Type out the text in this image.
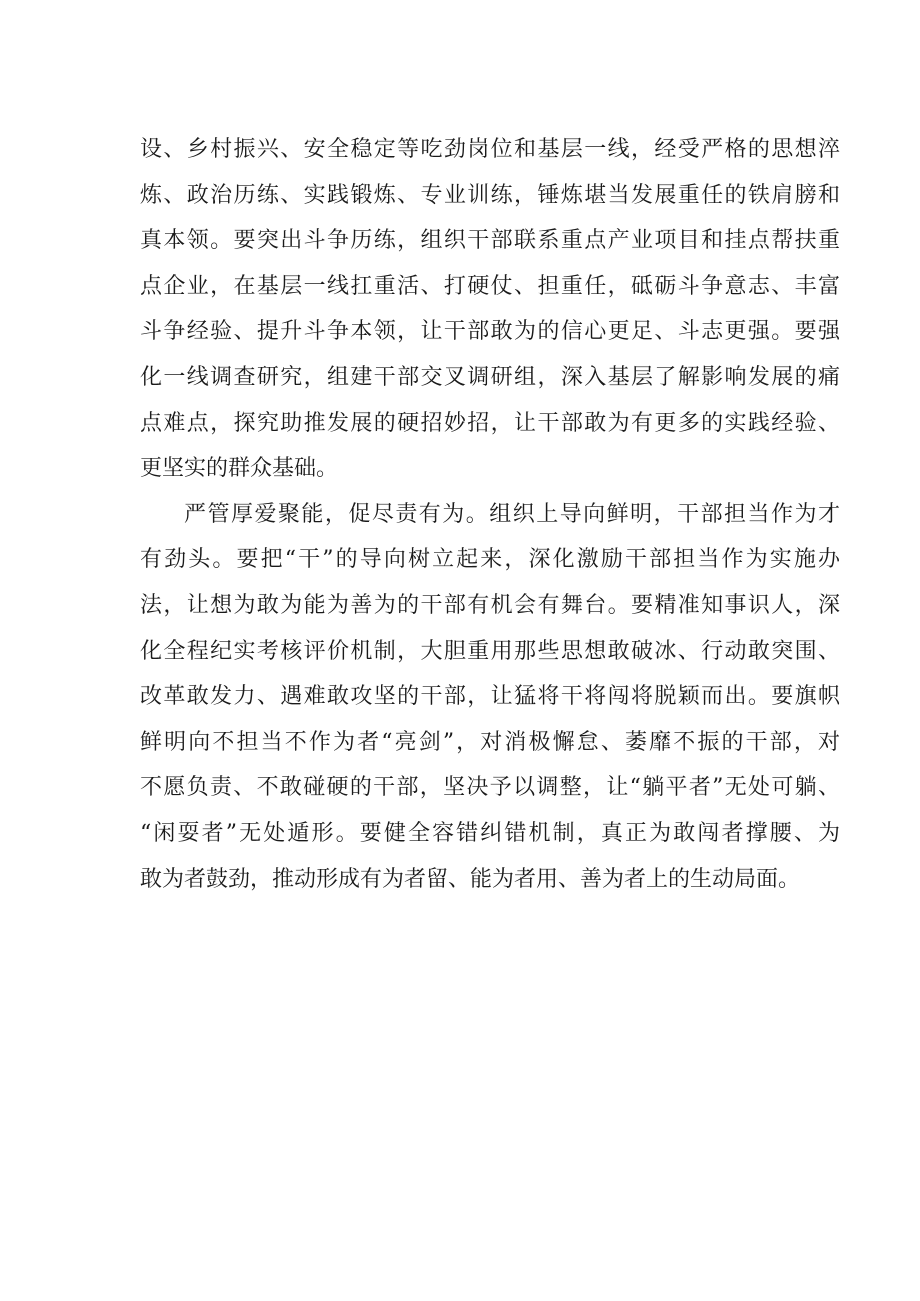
设、乡村振兴、安全稳定等吃劲岗位和基层一线，经受严格的思想淬
炼、政治历练、实践锻炼、专业训练，锤炼堪当发展重任的铁肩膀和
真本领。要突出斗争历练，组织干部联系重点产业项目和挂点帮扶重
点企业，在基层一线扛重活、打硬仗、担重任，砥砺斗争意志、丰富
斗争经验、提升斗争本领，让干部敢为的信心更足、斗志更强。要强
化一线调查研究，组建干部交叉调研组，深入基层了解影响发展的痛
点难点，探究助推发展的硬招妙招，让干部敢为有更多的实践经验、
更坚实的群众基础。
严管厚爱聚能，促尽责有为。组织上导向鲜明，干部担当作为才
有劲头。要把“干”的导向树立起来，深化激励干部担当作为实施办
法，让想为敢为能为善为的干部有机会有舞台。要精准知事识人，深
化全程纪实考核评价机制，大胆重用那些思想敢破冰、行动敢突围、
改革敢发力、遇难敢攻坚的干部，让猛将干将闯将脱颖而出。要旗帜
鲜明向不担当不作为者“亮剑”，对消极懈怠、萎靡不振的干部，对
不愿负责、不敢碰硬的干部，坚决予以调整，让“躺平者”无处可躺、
“闲耍者”无处遁形。要健全容错纠错机制，真正为敢闯者撑腰、为
敢为者鼓劲，推动形成有为者留、能为者用、善为者上的生动局面。
